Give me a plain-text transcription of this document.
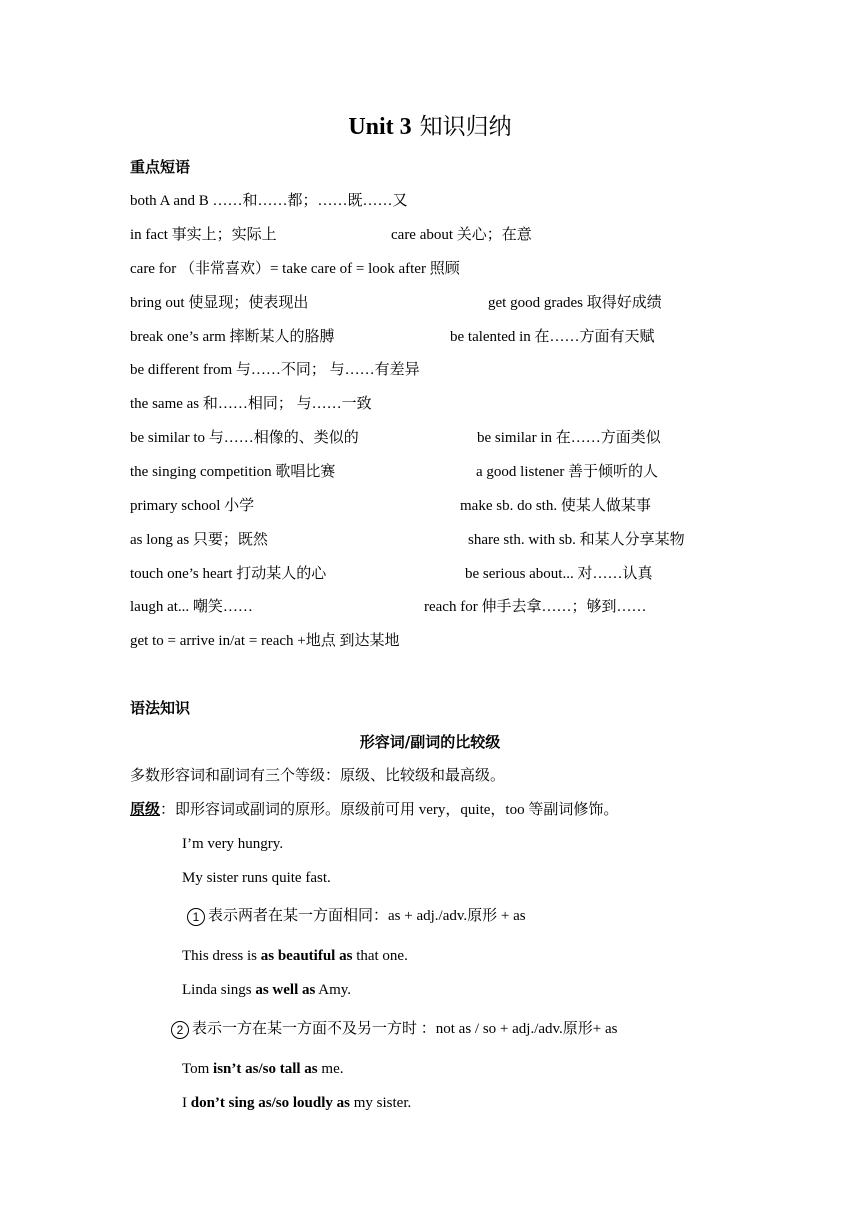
Unit 3 知识归纳
重点短语
both A and B ……和……都；……既……又
in fact 事实上；实际上	care about 关心；在意
care for （非常喜欢）= take care of = look after 照顾
bring out 使显现；使表现出	get good grades 取得好成绩
break one’s arm 摔断某人的胳膊	be talented in 在……方面有天赋
be different from 与……不同； 与……有差异
the same as 和……相同； 与……一致
be similar to 与……相像的、类似的	be similar in 在……方面类似
the singing competition 歌唱比赛	a good listener 善于倾听的人
primary school 小学	make sb. do sth. 使某人做某事
as long as 只要；既然	share sth. with sb. 和某人分享某物
touch one’s heart 打动某人的心	be serious about... 对……认真
laugh at... 嘲笑……	reach for 伸手去拿……；够到……
get to = arrive in/at = reach +地点 到达某地
语法知识
形容词/副词的比较级
多数形容词和副词有三个等级：原级、比较级和最高级。
原级：即形容词或副词的原形。原级前可用 very，quite，too 等副词修饰。
I’m very hungry.
My sister runs quite fast.
1 表示两者在某一方面相同：as + adj./adv.原形 + as
This dress is as beautiful as that one.
Linda sings as well as Amy.
2 表示一方在某一方面不及另一方时 ：not as / so + adj./adv.原形+ as
Tom isn’t as/so tall as me.
I don’t sing as/so loudly as my sister.
